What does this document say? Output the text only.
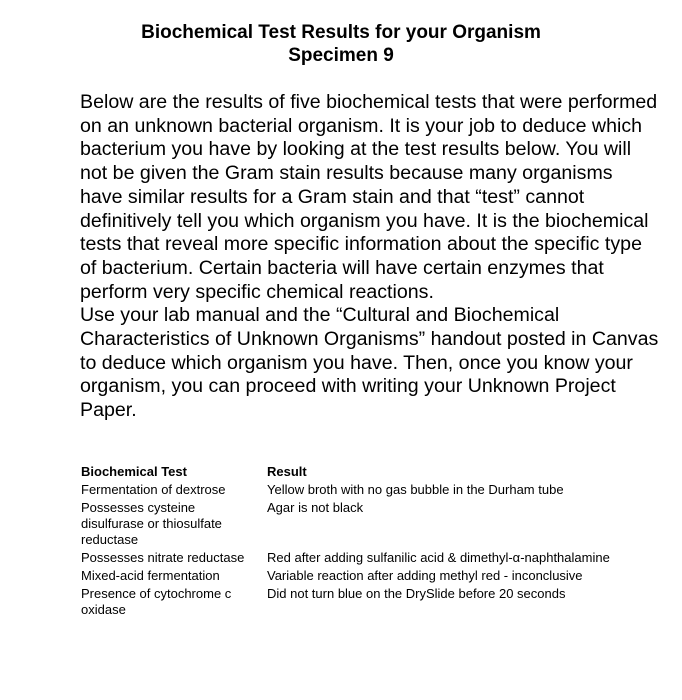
Biochemical Test Results for your Organism
Specimen 9

Below are the results of five biochemical tests that were performed on an unknown bacterial organism. It is your job to deduce which bacterium you have by looking at the test results below. You will not be given the Gram stain results because many organisms have similar results for a Gram stain and that “test” cannot definitively tell you which organism you have. It is the biochemical tests that reveal more specific information about the specific type of bacterium. Certain bacteria will have certain enzymes that perform very specific chemical reactions.

Use your lab manual and the “Cultural and Biochemical Characteristics of Unknown Organisms” handout posted in Canvas to deduce which organism you have. Then, once you know your organism, you can proceed with writing your Unknown Project Paper.

Biochemical Test	Result
Fermentation of dextrose	Yellow broth with no gas bubble in the Durham tube
Possesses cysteine disulfurase or thiosulfate reductase	Agar is not black
Possesses nitrate reductase	Red after adding sulfanilic acid & dimethyl-α-naphthalamine
Mixed-acid fermentation	Variable reaction after adding methyl red - inconclusive
Presence of cytochrome c oxidase	Did not turn blue on the DrySlide before 20 seconds
